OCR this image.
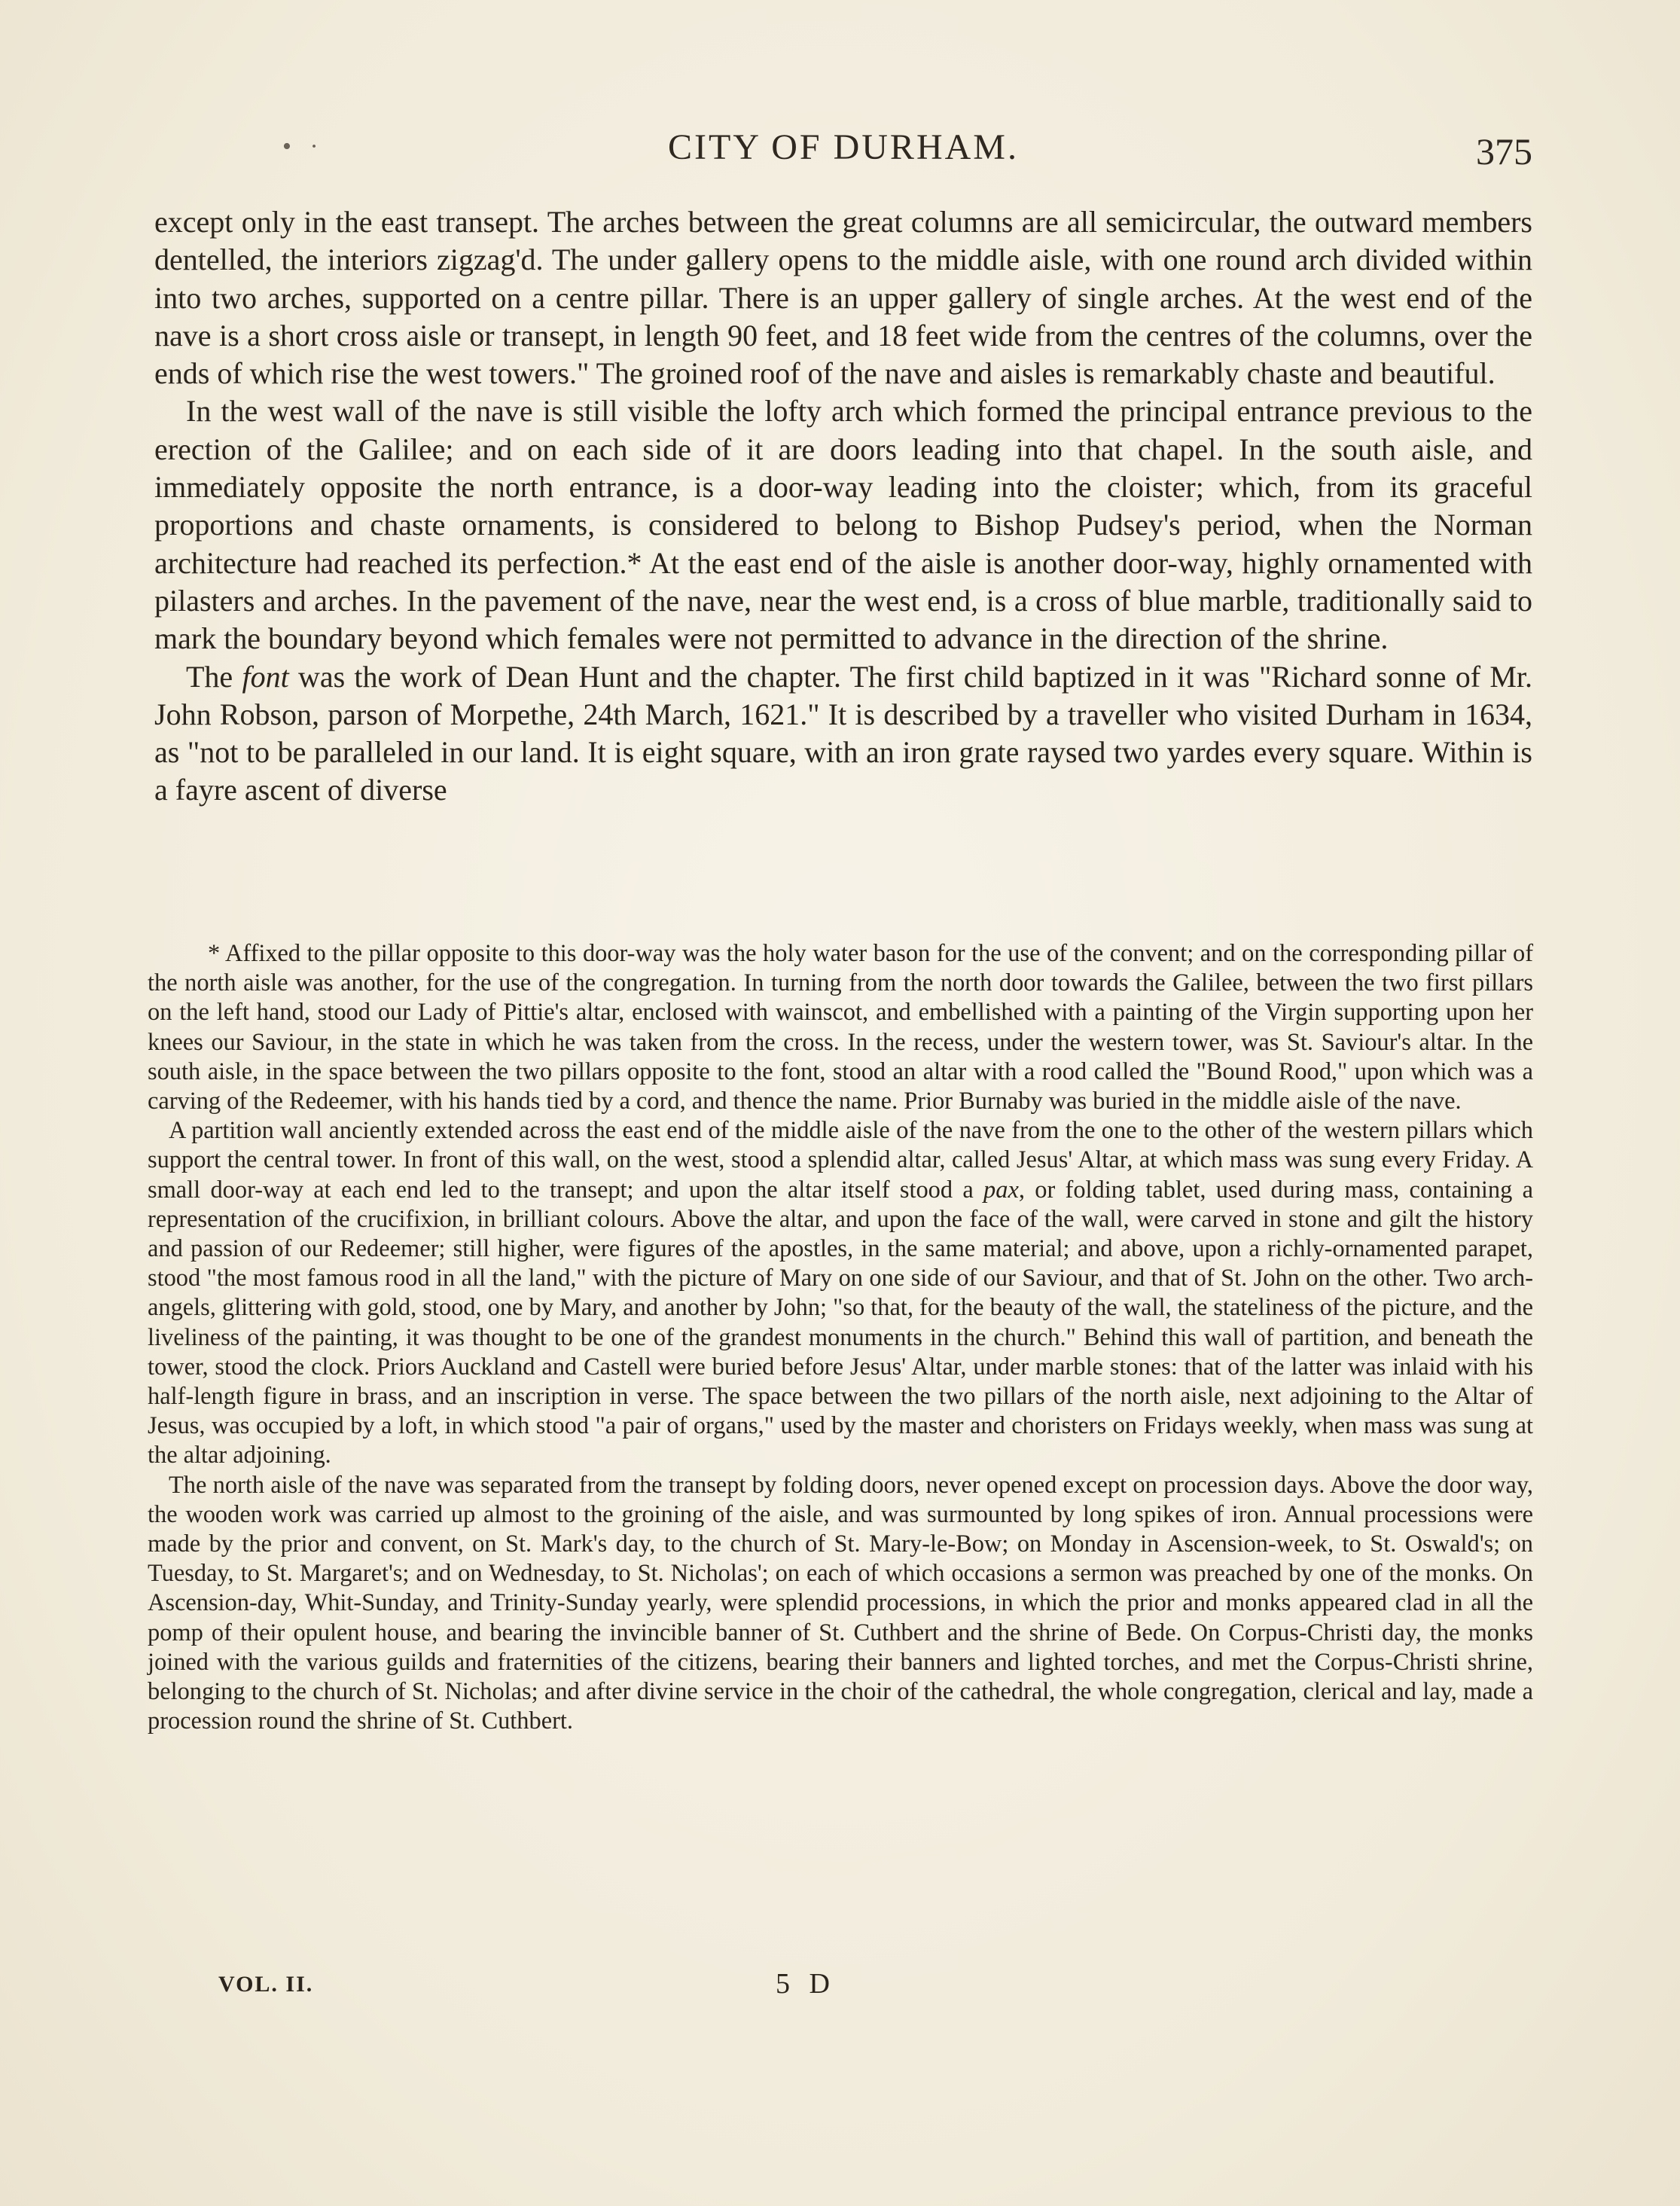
• ·	CITY OF DURHAM.	375

except only in the east transept. The arches between the great columns are all semicircular, the outward members dentelled, the interiors zigzag'd. The under gallery opens to the middle aisle, with one round arch divided within into two arches, supported on a centre pillar. There is an upper gallery of single arches. At the west end of the nave is a short cross aisle or transept, in length 90 feet, and 18 feet wide from the centres of the columns, over the ends of which rise the west towers." The groined roof of the nave and aisles is remarkably chaste and beautiful.

In the west wall of the nave is still visible the lofty arch which formed the principal entrance previous to the erection of the Galilee; and on each side of it are doors leading into that chapel. In the south aisle, and immediately opposite the north entrance, is a door-way leading into the cloister; which, from its graceful proportions and chaste ornaments, is considered to belong to Bishop Pudsey's period, when the Norman architecture had reached its perfection.* At the east end of the aisle is another door-way, highly ornamented with pilasters and arches. In the pavement of the nave, near the west end, is a cross of blue marble, traditionally said to mark the boundary beyond which females were not permitted to advance in the direction of the shrine.

The font was the work of Dean Hunt and the chapter. The first child baptized in it was "Richard sonne of Mr. John Robson, parson of Morpethe, 24th March, 1621." It is described by a traveller who visited Durham in 1634, as "not to be paralleled in our land. It is eight square, with an iron grate raysed two yardes every square. Within is a fayre ascent of diverse

* Affixed to the pillar opposite to this door-way was the holy water bason for the use of the convent; and on the corresponding pillar of the north aisle was another, for the use of the congregation. In turning from the north door towards the Galilee, between the two first pillars on the left hand, stood our Lady of Pittie's altar, enclosed with wainscot, and embellished with a painting of the Virgin supporting upon her knees our Saviour, in the state in which he was taken from the cross. In the recess, under the western tower, was St. Saviour's altar. In the south aisle, in the space between the two pillars opposite to the font, stood an altar with a rood called the "Bound Rood," upon which was a carving of the Redeemer, with his hands tied by a cord, and thence the name. Prior Burnaby was buried in the middle aisle of the nave.

A partition wall anciently extended across the east end of the middle aisle of the nave from the one to the other of the western pillars which support the central tower. In front of this wall, on the west, stood a splendid altar, called Jesus' Altar, at which mass was sung every Friday. A small door-way at each end led to the transept; and upon the altar itself stood a pax, or folding tablet, used during mass, containing a representation of the crucifixion, in brilliant colours. Above the altar, and upon the face of the wall, were carved in stone and gilt the history and passion of our Redeemer; still higher, were figures of the apostles, in the same material; and above, upon a richly-ornamented parapet, stood "the most famous rood in all the land," with the picture of Mary on one side of our Saviour, and that of St. John on the other. Two arch-angels, glittering with gold, stood, one by Mary, and another by John; "so that, for the beauty of the wall, the stateliness of the picture, and the liveliness of the painting, it was thought to be one of the grandest monuments in the church." Behind this wall of partition, and beneath the tower, stood the clock. Priors Auckland and Castell were buried before Jesus' Altar, under marble stones: that of the latter was inlaid with his half-length figure in brass, and an inscription in verse. The space between the two pillars of the north aisle, next adjoining to the Altar of Jesus, was occupied by a loft, in which stood "a pair of organs," used by the master and choristers on Fridays weekly, when mass was sung at the altar adjoining.

The north aisle of the nave was separated from the transept by folding doors, never opened except on procession days. Above the door way, the wooden work was carried up almost to the groining of the aisle, and was surmounted by long spikes of iron. Annual processions were made by the prior and convent, on St. Mark's day, to the church of St. Mary-le-Bow; on Monday in Ascension-week, to St. Oswald's; on Tuesday, to St. Margaret's; and on Wednesday, to St. Nicholas'; on each of which occasions a sermon was preached by one of the monks. On Ascension-day, Whit-Sunday, and Trinity-Sunday yearly, were splendid processions, in which the prior and monks appeared clad in all the pomp of their opulent house, and bearing the invincible banner of St. Cuthbert and the shrine of Bede. On Corpus-Christi day, the monks joined with the various guilds and fraternities of the citizens, bearing their banners and lighted torches, and met the Corpus-Christi shrine, belonging to the church of St. Nicholas; and after divine service in the choir of the cathedral, the whole congregation, clerical and lay, made a procession round the shrine of St. Cuthbert.

VOL. II.	5 D
